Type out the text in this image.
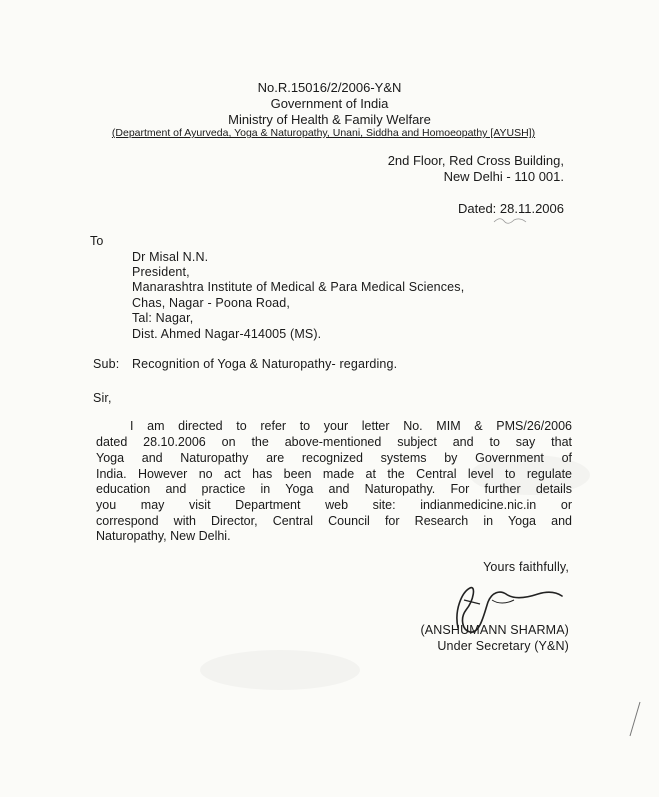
No.R.15016/2/2006-Y&N
Government of India
Ministry of Health & Family Welfare
(Department of Ayurveda, Yoga & Naturopathy, Unani, Siddha and Homoeopathy [AYUSH])
2nd Floor, Red Cross Building,
New Delhi - 110 001.
Dated: 28.11.2006
To
Dr Misal N.N.
President,
Manarashtra Institute of Medical & Para Medical Sciences,
Chas, Nagar - Poona Road,
Tal: Nagar,
Dist. Ahmed Nagar-414005 (MS).
Sub: Recognition of Yoga & Naturopathy- regarding.
Sir,
I am directed to refer to your letter No. MIM & PMS/26/2006
dated 28.10.2006 on the above-mentioned subject and to say that
Yoga and Naturopathy are recognized systems by Government of
India. However no act has been made at the Central level to regulate
education and practice in Yoga and Naturopathy. For further details
you may visit Department web site: indianmedicine.nic.in or
correspond with Director, Central Council for Research in Yoga and
Naturopathy, New Delhi.
Yours faithfully,
(ANSHUMANN SHARMA)
Under Secretary (Y&N)
